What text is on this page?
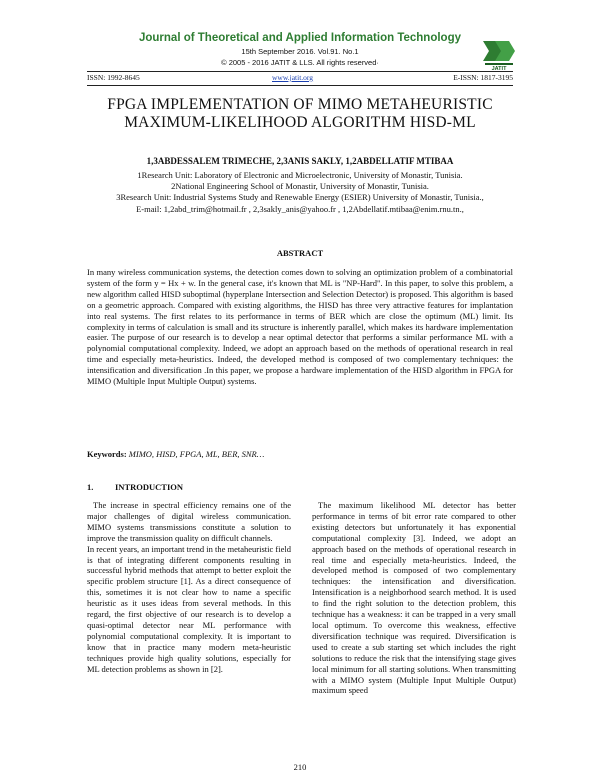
Journal of Theoretical and Applied Information Technology
15th September 2016. Vol.91. No.1
© 2005 - 2016 JATIT & LLS. All rights reserved·
JATIT
ISSN: 1992-8645	www.jatit.org	E-ISSN: 1817-3195
FPGA IMPLEMENTATION OF MIMO METAHEURISTIC
MAXIMUM-LIKELIHOOD ALGORITHM HISD-ML
1,3ABDESSALEM TRIMECHE, 2,3ANIS SAKLY, 1,2ABDELLATIF MTIBAA
1Research Unit: Laboratory of Electronic and Microelectronic, University of Monastir, Tunisia.
2National Engineering School of Monastir, University of Monastir, Tunisia.
3Research Unit: Industrial Systems Study and Renewable Energy (ESIER) University of Monastir, Tunisia.,
E-mail: 1,2abd_trim@hotmail.fr , 2,3sakly_anis@yahoo.fr , 1,2Abdellatif.mtibaa@enim.rnu.tn.,
ABSTRACT
In many wireless communication systems, the detection comes down to solving an optimization problem of a combinatorial system of the form y = Hx + w. In the general case, it's known that ML is "NP-Hard". In this paper, to solve this problem, a new algorithm called HISD suboptimal (hyperplane Intersection and Selection Detector) is proposed. This algorithm is based on a geometric approach. Compared with existing algorithms, the HISD has three very attractive features for implantation into real systems. The first relates to its performance in terms of BER which are close the optimum (ML) limit. Its complexity in terms of calculation is small and its structure is inherently parallel, which makes its hardware implementation easier. The purpose of our research is to develop a near optimal detector that performs a similar performance ML with a polynomial computational complexity. Indeed, we adopt an approach based on the methods of operational research in real time and especially meta-heuristics. Indeed, the developed method is composed of two complementary techniques: the intensification and diversification .In this paper, we propose a hardware implementation of the HISD algorithm in FPGA for MIMO (Multiple Input Multiple Output) systems.
Keywords: MIMO, HISD, FPGA, ML, BER, SNR…
1.	INTRODUCTION

The increase in spectral efficiency remains one of the major challenges of digital wireless communication. MIMO systems transmissions constitute a solution to improve the transmission quality on difficult channels.

In recent years, an important trend in the metaheuristic field is that of integrating different components resulting in successful hybrid methods that attempt to better exploit the specific problem structure [1]. As a direct consequence of this, sometimes it is not clear how to name a specific heuristic as it uses ideas from several methods. In this regard, the first objective of our research is to develop a quasi-optimal detector near ML performance with polynomial computational complexity. It is important to know that in practice many modern meta-heuristic techniques provide high quality solutions, especially for ML detection problems as shown in [2].

The maximum likelihood ML detector has better performance in terms of bit error rate compared to other existing detectors but unfortunately it has exponential computational complexity [3]. Indeed, we adopt an approach based on the methods of operational research in real time and especially meta-heuristics. Indeed, the developed method is composed of two complementary techniques: the intensification and diversification. Intensification is a neighborhood search method. It is used to find the right solution to the detection problem, this technique has a weakness: it can be trapped in a very small local optimum. To overcome this weakness, effective diversification technique was required. Diversification is used to create a sub starting set which includes the right solutions to reduce the risk that the intensifying stage gives local minimum for all starting solutions. When transmitting with a MIMO system (Multiple Input Multiple Output) maximum speed

210
